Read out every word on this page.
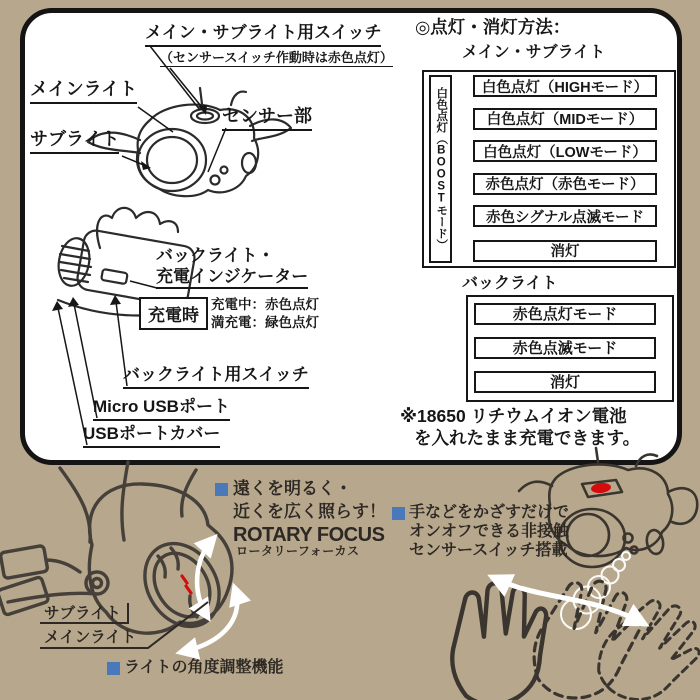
メイン・サブライト用スイッチ
（センサースイッチ作動時は赤色点灯）
メインライト
サブライト
センサー部
バックライト・
充電インジケーター
充電時
充電中：赤色点灯
満充電：緑色点灯
バックライト用スイッチ
Micro USBポート
USBポートカバー
◎点灯・消灯方法：
メイン・サブライト
白色点灯（BOOSTモード）	白色点灯（HIGHモード）
白色点灯（MIDモード）
白色点灯（LOWモード）
赤色点灯（赤色モード）
赤色シグナル点滅モード
消灯
バックライト
赤色点灯モード
赤色点滅モード
消灯
※18650 リチウムイオン電池
を入れたまま充電できます。
遠くを明るく・
近くを広く照らす！
ROTARY FOCUS
ロータリーフォーカス
サブライト
メインライト
ライトの角度調整機能
手などをかざすだけで
オンオフできる非接触
センサースイッチ搭載
